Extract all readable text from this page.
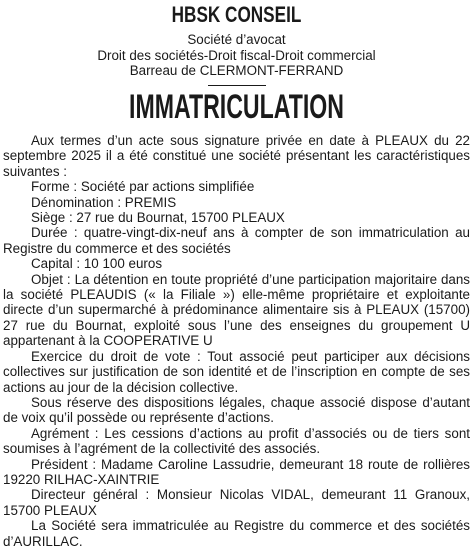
HBSK CONSEIL
Société d’avocat
Droit des sociétés-Droit fiscal-Droit commercial
Barreau de CLERMONT-FERRAND
IMMATRICULATION

Aux termes d’un acte sous signature privée en date à PLEAUX du 22 septembre 2025 il a été constitué une société présentant les caractéristiques suivantes :

Forme : Société par actions simplifiée

Dénomination : PREMIS

Siège : 27 rue du Bournat, 15700 PLEAUX

Durée : quatre-vingt-dix-neuf ans à compter de son immatriculation au Registre du commerce et des sociétés

Capital : 10 100 euros

Objet : La détention en toute propriété d’une participation majoritaire dans la société PLEAUDIS (« la Filiale ») elle-même propriétaire et exploitante directe d’un supermarché à prédominance alimentaire sis à PLEAUX (15700) 27 rue du Bournat, exploité sous l’une des enseignes du groupement U appartenant à la COOPERATIVE U

Exercice du droit de vote : Tout associé peut participer aux décisions collectives sur justification de son identité et de l’inscription en compte de ses actions au jour de la décision collective.

Sous réserve des dispositions légales, chaque associé dispose d’autant de voix qu’il possède ou représente d’actions.

Agrément : Les cessions d’actions au profit d’associés ou de tiers sont soumises à l’agrément de la collectivité des associés.

Président : Madame Caroline Lassudrie, demeurant 18 route de rollières 19220 RILHAC-XAINTRIE

Directeur général : Monsieur Nicolas VIDAL, demeurant 11 Granoux, 15700 PLEAUX

La Société sera immatriculée au Registre du commerce et des sociétés d’AURILLAC.
